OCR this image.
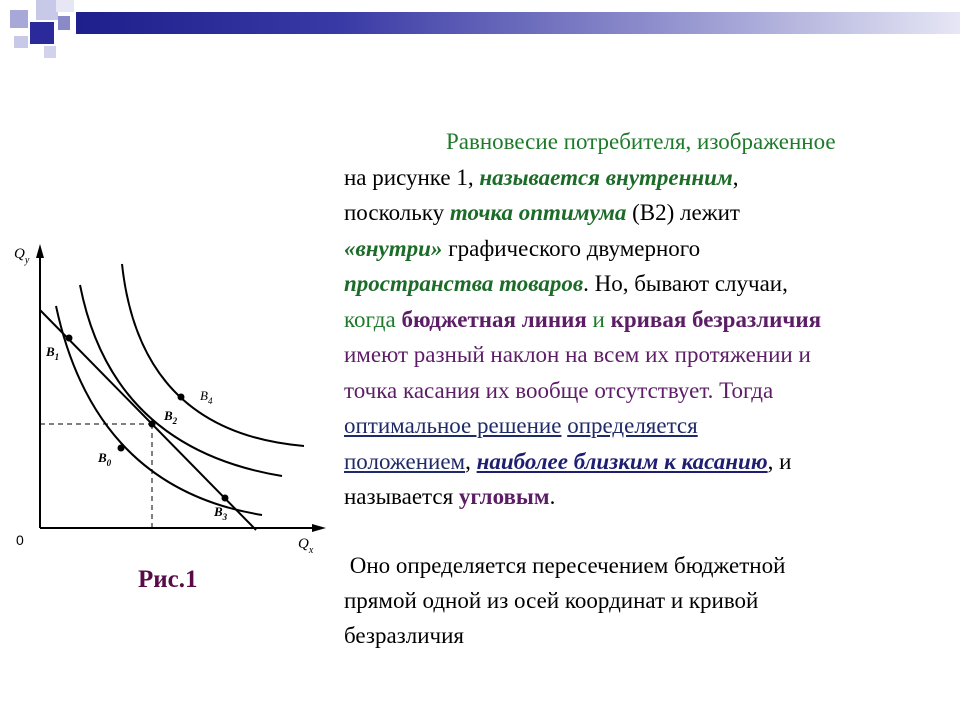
$Q_y$
$Q_x$
$B_1$
$B_2$
$B_0$
$B_3$
$B_4$
0
Рис.1

Равновесие потребителя, изображенное

на рисунке 1, называется внутренним,

поскольку точка оптимума (В2) лежит

«внутри» графического двумерного

пространства товаров. Но, бывают случаи,

когда бюджетная линия и кривая безразличия

имеют разный наклон на всем их протяжении и

точка касания их вообще отсутствует. Тогда

оптимальное решение определяется

положением, наиболее близким к касанию, и

называется угловым.

Оно определяется пересечением бюджетной

прямой одной из осей координат и кривой

безразличия
